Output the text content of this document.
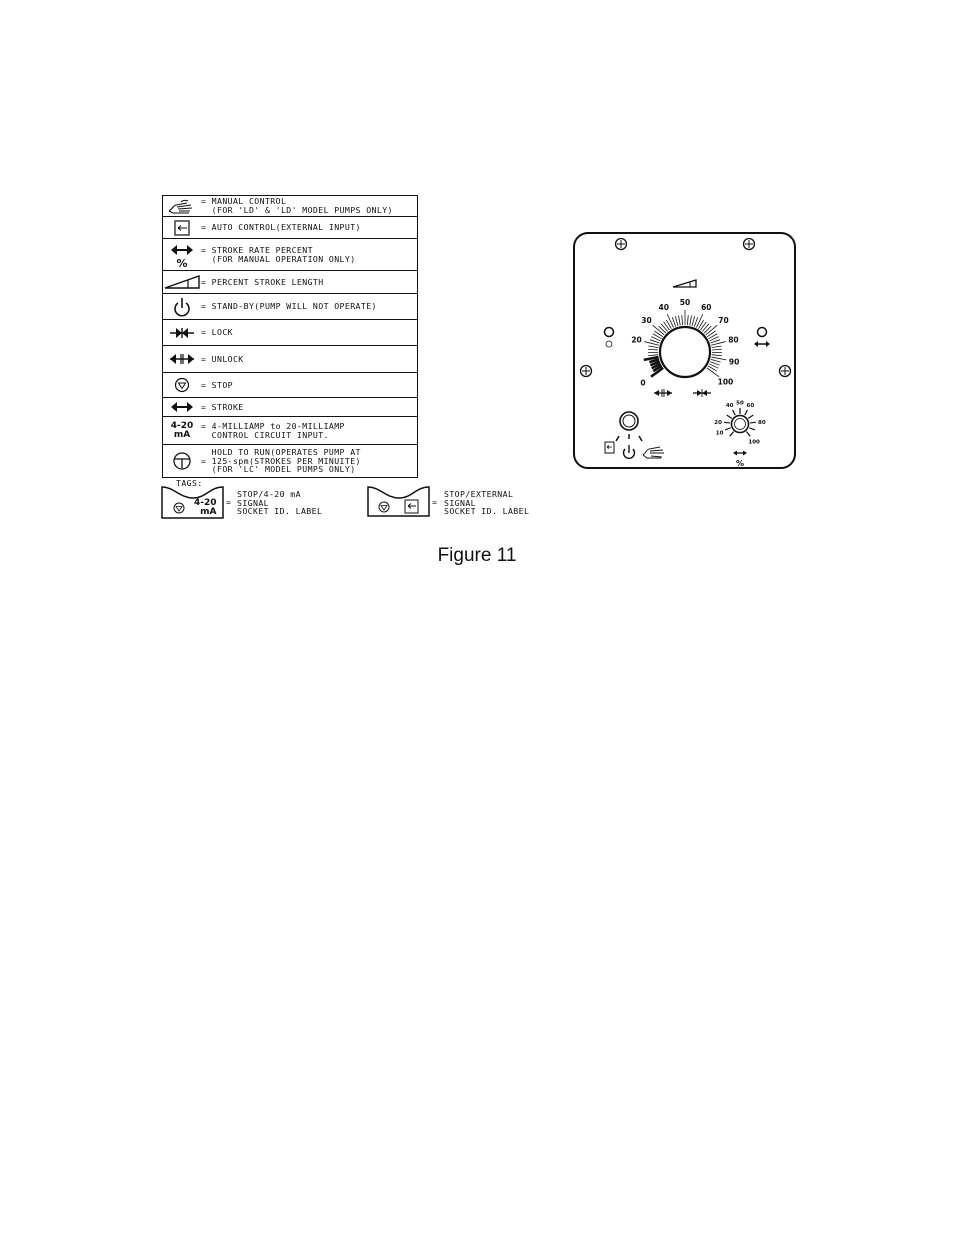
= MANUAL CONTROL
(FOR 'LD' & 'LD' MODEL PUMPS ONLY)
= AUTO CONTROL(EXTERNAL INPUT)
%
= STROKE RATE PERCENT
(FOR MANUAL OPERATION ONLY)
= PERCENT STROKE LENGTH
= STAND-BY(PUMP WILL NOT OPERATE)
= LOCK
= UNLOCK
= STOP
= STROKE
4-20
mA
= 4-MILLIAMP to 20-MILLIAMP
CONTROL CIRCUIT INPUT.
HOLD TO RUN(OPERATES PUMP AT
= 125-spm(STROKES PER MINUITE)
(FOR 'LC' MODEL PUMPS ONLY)
TAGS:
4-20
mA
=
STOP/4-20 mA
SIGNAL
SOCKET ID. LABEL
=
STOP/EXTERNAL
SIGNAL
SOCKET ID. LABEL
0
20
30
40
50
60
70
80
90
100
10
20
40 50 60
80
100
%
Figure 11
